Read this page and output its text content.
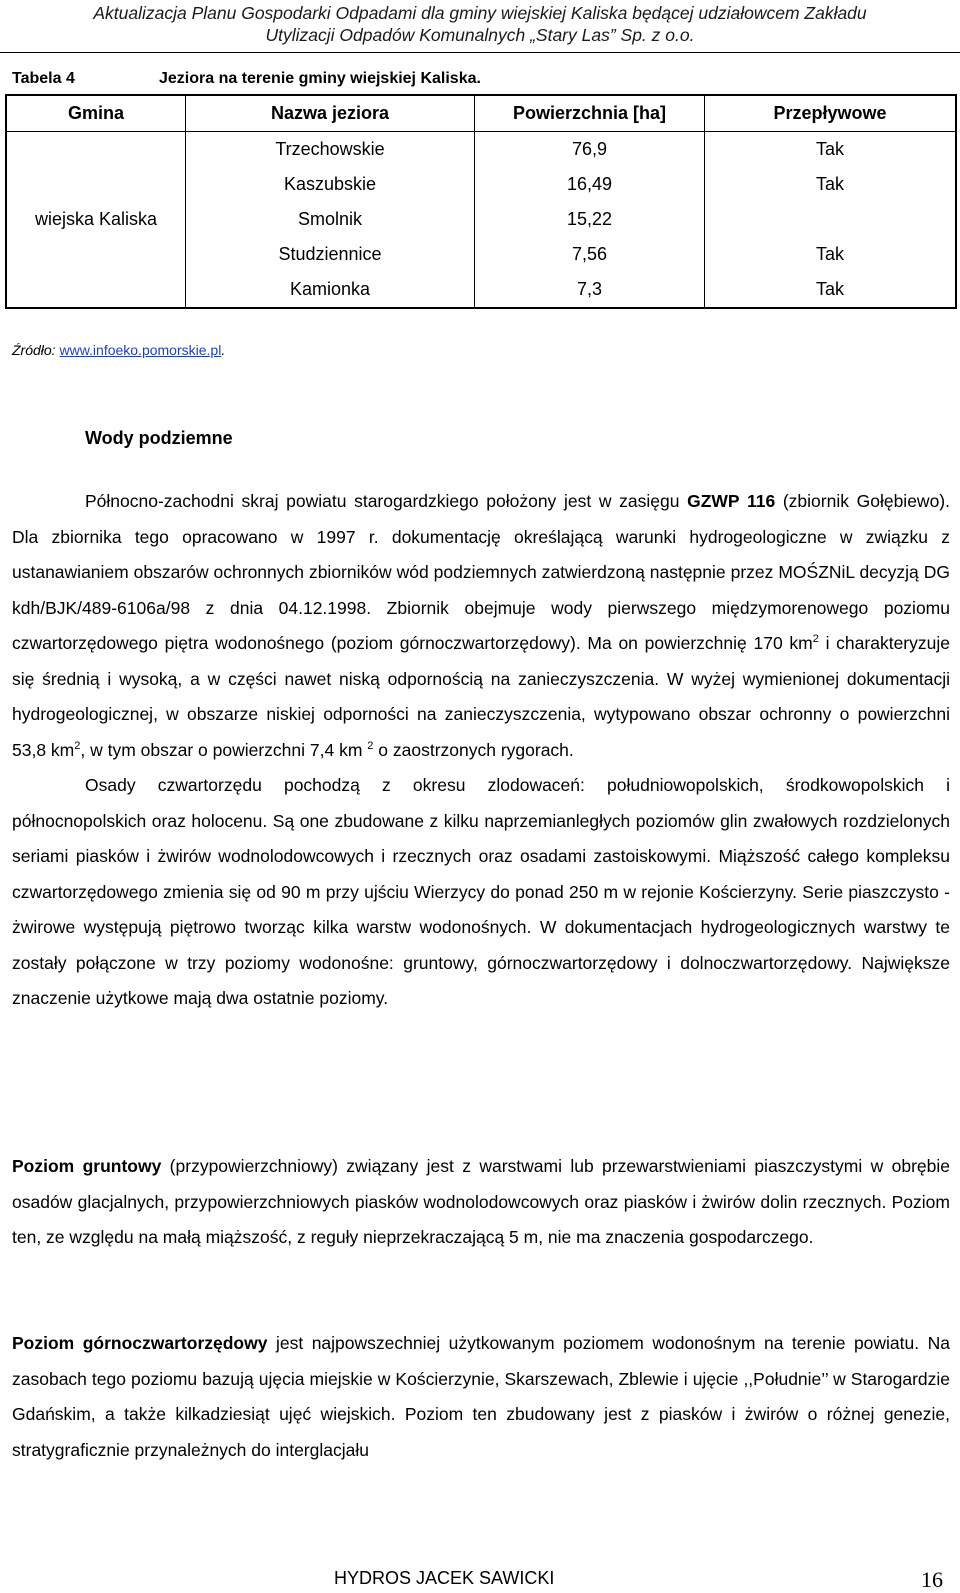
Aktualizacja Planu Gospodarki Odpadami dla gminy wiejskiej Kaliska będącej udziałowcem Zakładu
Utylizacji Odpadów Komunalnych „Stary Las” Sp. z o.o.
Tabela 4	Jeziora na terenie gminy wiejskiej Kaliska.
Gmina	Nazwa jeziora	Powierzchnia [ha]	Przepływowe
wiejska Kaliska	Trzechowskie	76,9	Tak
	Kaszubskie	16,49	Tak
	Smolnik	15,22	
	Studziennice	7,56	Tak
	Kamionka	7,3	Tak
Źródło: www.infoeko.pomorskie.pl.
Wody podziemne

Północno-zachodni skraj powiatu starogardzkiego położony jest w zasięgu GZWP 116 (zbiornik Gołębiewo). Dla zbiornika tego opracowano w 1997 r. dokumentację określającą warunki hydrogeologiczne w związku z ustanawianiem obszarów ochronnych zbiorników wód podziemnych zatwierdzoną następnie przez MOŚZNiL decyzją DG kdh/BJK/489-6106a/98 z dnia 04.12.1998. Zbiornik obejmuje wody pierwszego międzymorenowego poziomu czwartorzędowego piętra wodonośnego (poziom górnoczwartorzędowy). Ma on powierzchnię 170 $km^2$ i charakteryzuje się średnią i wysoką, a w części nawet niską odpornością na zanieczyszczenia. W wyżej wymienionej dokumentacji hydrogeologicznej, w obszarze niskiej odporności na zanieczyszczenia, wytypowano obszar ochronny o powierzchni 53,8 $km^2$, w tym obszar o powierzchni 7,4 km $^2$ o zaostrzonych rygorach.

Osady czwartorzędu pochodzą z okresu zlodowaceń: południowopolskich, środkowopolskich i północnopolskich oraz holocenu. Są one zbudowane z kilku naprzemianległych poziomów glin zwałowych rozdzielonych seriami piasków i żwirów wodnolodowcowych i rzecznych oraz osadami zastoiskowymi. Miąższość całego kompleksu czwartorzędowego zmienia się od 90 m przy ujściu Wierzycy do ponad 250 m w rejonie Kościerzyny. Serie piaszczysto - żwirowe występują piętrowo tworząc kilka warstw wodonośnych. W dokumentacjach hydrogeologicznych warstwy te zostały połączone w trzy poziomy wodonośne: gruntowy, górnoczwartorzędowy i dolnoczwartorzędowy. Największe znaczenie użytkowe mają dwa ostatnie poziomy.

Poziom gruntowy (przypowierzchniowy) związany jest z warstwami lub przewarstwieniami piaszczystymi w obrębie osadów glacjalnych, przypowierzchniowych piasków wodnolodowcowych oraz piasków i żwirów dolin rzecznych. Poziom ten, ze względu na małą miąższość, z reguły nieprzekraczającą 5 m, nie ma znaczenia gospodarczego.

Poziom górnoczwartorzędowy jest najpowszechniej użytkowanym poziomem wodonośnym na terenie powiatu. Na zasobach tego poziomu bazują ujęcia miejskie w Kościerzynie, Skarszewach, Zblewie i ujęcie ,,Południe’’ w Starogardzie Gdańskim, a także kilkadziesiąt ujęć wiejskich. Poziom ten zbudowany jest z piasków i żwirów o różnej genezie, stratygraficznie przynależnych do interglacjału

HYDROS JACEK SAWICKI	16
